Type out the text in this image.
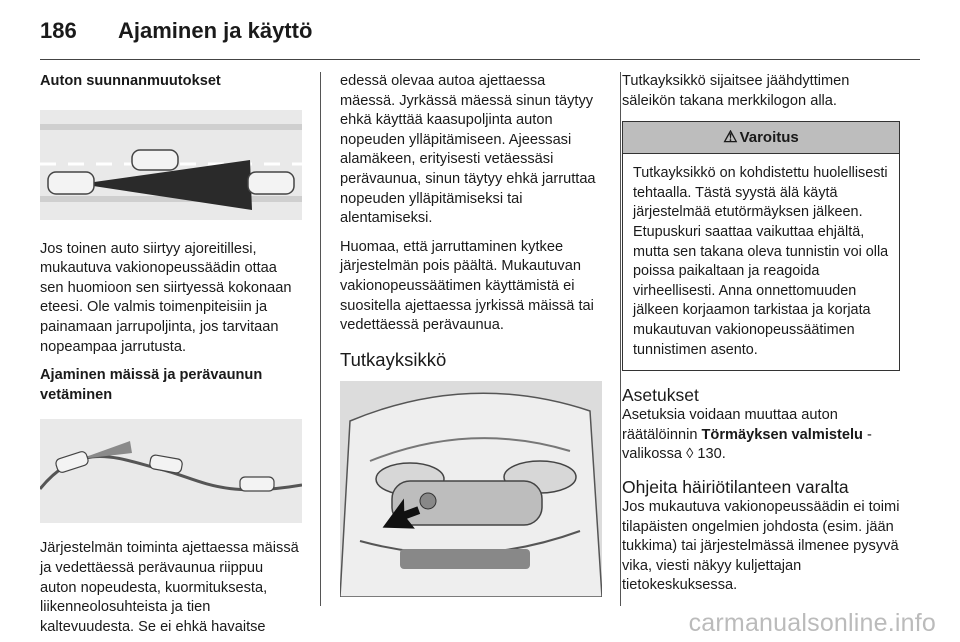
186 Ajaminen ja käyttö
Auton suunnanmuutokset

Jos toinen auto siirtyy ajoreitillesi, mukautuva vakionopeussäädin ottaa sen huomioon sen siirtyessä kokonaan eteesi. Ole valmis toimenpiteisiin ja painamaan jarrupoljinta, jos tarvitaan nopeampaa jarrutusta.

Ajaminen mäissä ja perävaunun vetäminen

Järjestelmän toiminta ajettaessa mäissä ja vedettäessä perävaunua riippuu auton nopeudesta, kuormituksesta, liikenneolosuhteista ja tien kaltevuudesta. Se ei ehkä havaitse

edessä olevaa autoa ajettaessa mäessä. Jyrkässä mäessä sinun täytyy ehkä käyttää kaasupoljinta auton nopeuden ylläpitämiseen. Ajeessasi alamäkeen, erityisesti vetäessäsi perävaunua, sinun täytyy ehkä jarruttaa nopeuden ylläpitämiseksi tai alentamiseksi.

Huomaa, että jarruttaminen kytkee järjestelmän pois päältä. Mukautuvan vakionopeussäätimen käyttämistä ei suositella ajettaessa jyrkissä mäissä tai vedettäessä perävaunua.

Tutkayksikkö

Tutkayksikkö sijaitsee jäähdyttimen säleikön takana merkkilogon alla.

⚠ Varoitus
Tutkayksikkö on kohdistettu huolellisesti tehtaalla. Tästä syystä älä käytä järjestelmää etutörmäyksen jälkeen. Etupuskuri saattaa vaikuttaa ehjältä, mutta sen takana oleva tunnistin voi olla poissa paikaltaan ja reagoida virheellisesti. Anna onnettomuuden jälkeen korjaamon tarkistaa ja korjata mukautuvan vakionopeussäätimen tunnistimen asento.
Asetukset

Asetuksia voidaan muuttaa auton räätälöinnin Törmäyksen valmistelu -valikossa ◊ 130.

Ohjeita häiriötilanteen varalta

Jos mukautuva vakionopeussäädin ei toimi tilapäisten ongelmien johdosta (esim. jään tukkima) tai järjestelmässä ilmenee pysyvä vika, viesti näkyy kuljettajan tietokeskuksessa.

carmanualsonline.info
